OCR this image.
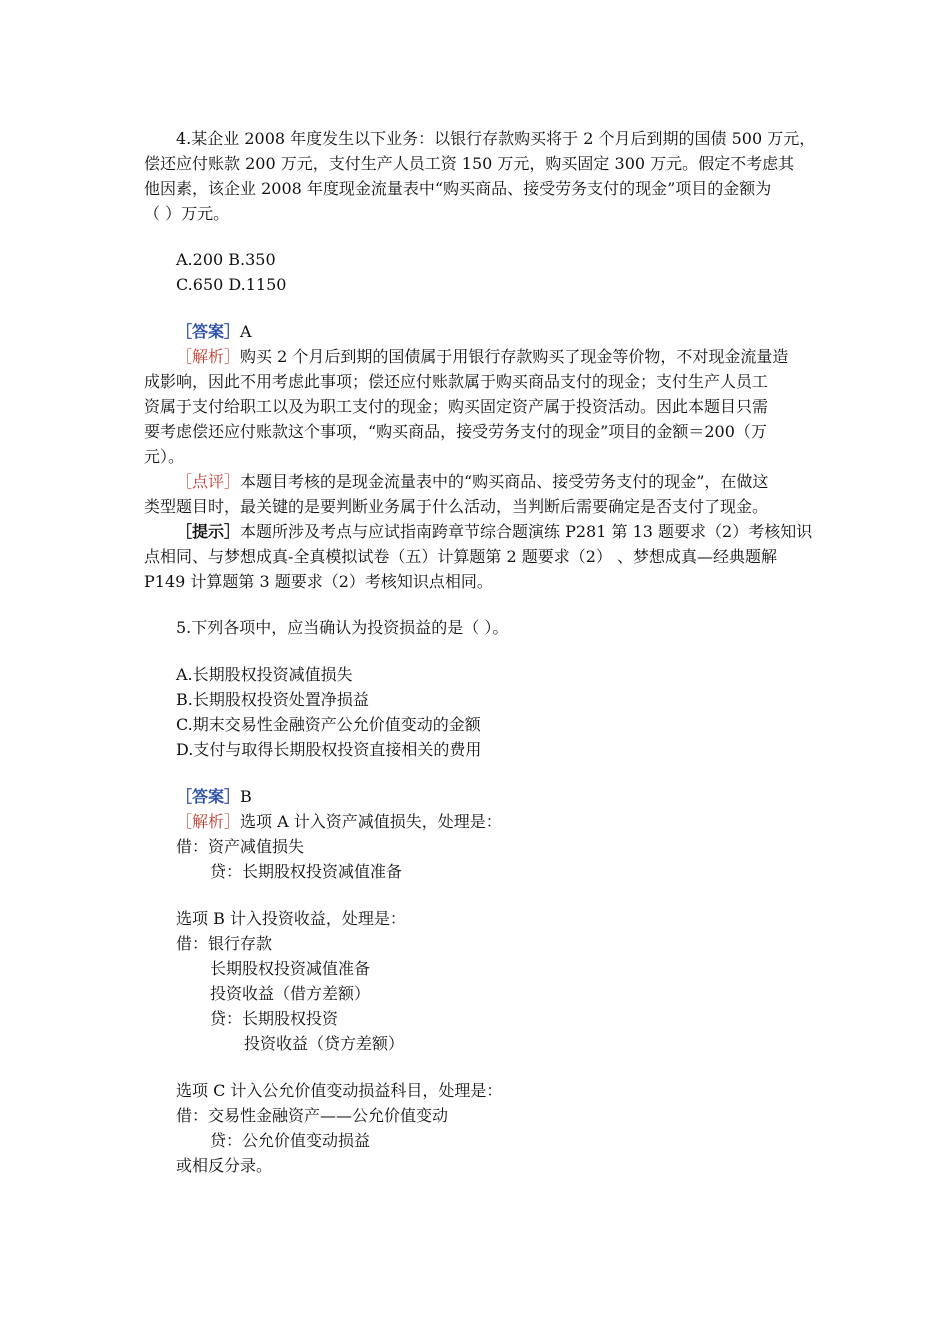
4.某企业 2008 年度发生以下业务：以银行存款购买将于 2 个月后到期的国债 500 万元，
偿还应付账款 200 万元，支付生产人员工资 150 万元，购买固定 300 万元。假定不考虑其
他因素，该企业 2008 年度现金流量表中“购买商品、接受劳务支付的现金”项目的金额为
（ ）万元。
A.200 B.350
C.650 D.1150
［答案］A
［解析］购买 2 个月后到期的国债属于用银行存款购买了现金等价物，不对现金流量造
成影响，因此不用考虑此事项；偿还应付账款属于购买商品支付的现金；支付生产人员工
资属于支付给职工以及为职工支付的现金；购买固定资产属于投资活动。因此本题目只需
要考虑偿还应付账款这个事项，“购买商品，接受劳务支付的现金”项目的金额＝200（万
元）。
［点评］本题目考核的是现金流量表中的“购买商品、接受劳务支付的现金”，在做这
类型题目时，最关键的是要判断业务属于什么活动，当判断后需要确定是否支付了现金。
［提示］本题所涉及考点与应试指南跨章节综合题演练 P281 第 13 题要求（2）考核知识
点相同、与梦想成真-全真模拟试卷（五）计算题第 2 题要求（2） 、梦想成真—经典题解
P149 计算题第 3 题要求（2）考核知识点相同。
5.下列各项中，应当确认为投资损益的是（ ）。
A.长期股权投资减值损失
B.长期股权投资处置净损益
C.期末交易性金融资产公允价值变动的金额
D.支付与取得长期股权投资直接相关的费用
［答案］B
［解析］选项 A 计入资产减值损失，处理是：
借：资产减值损失
贷：长期股权投资减值准备
选项 B 计入投资收益，处理是：
借：银行存款
长期股权投资减值准备
投资收益（借方差额）
贷：长期股权投资
投资收益（贷方差额）
选项 C 计入公允价值变动损益科目，处理是：
借：交易性金融资产——公允价值变动
贷：公允价值变动损益
或相反分录。
